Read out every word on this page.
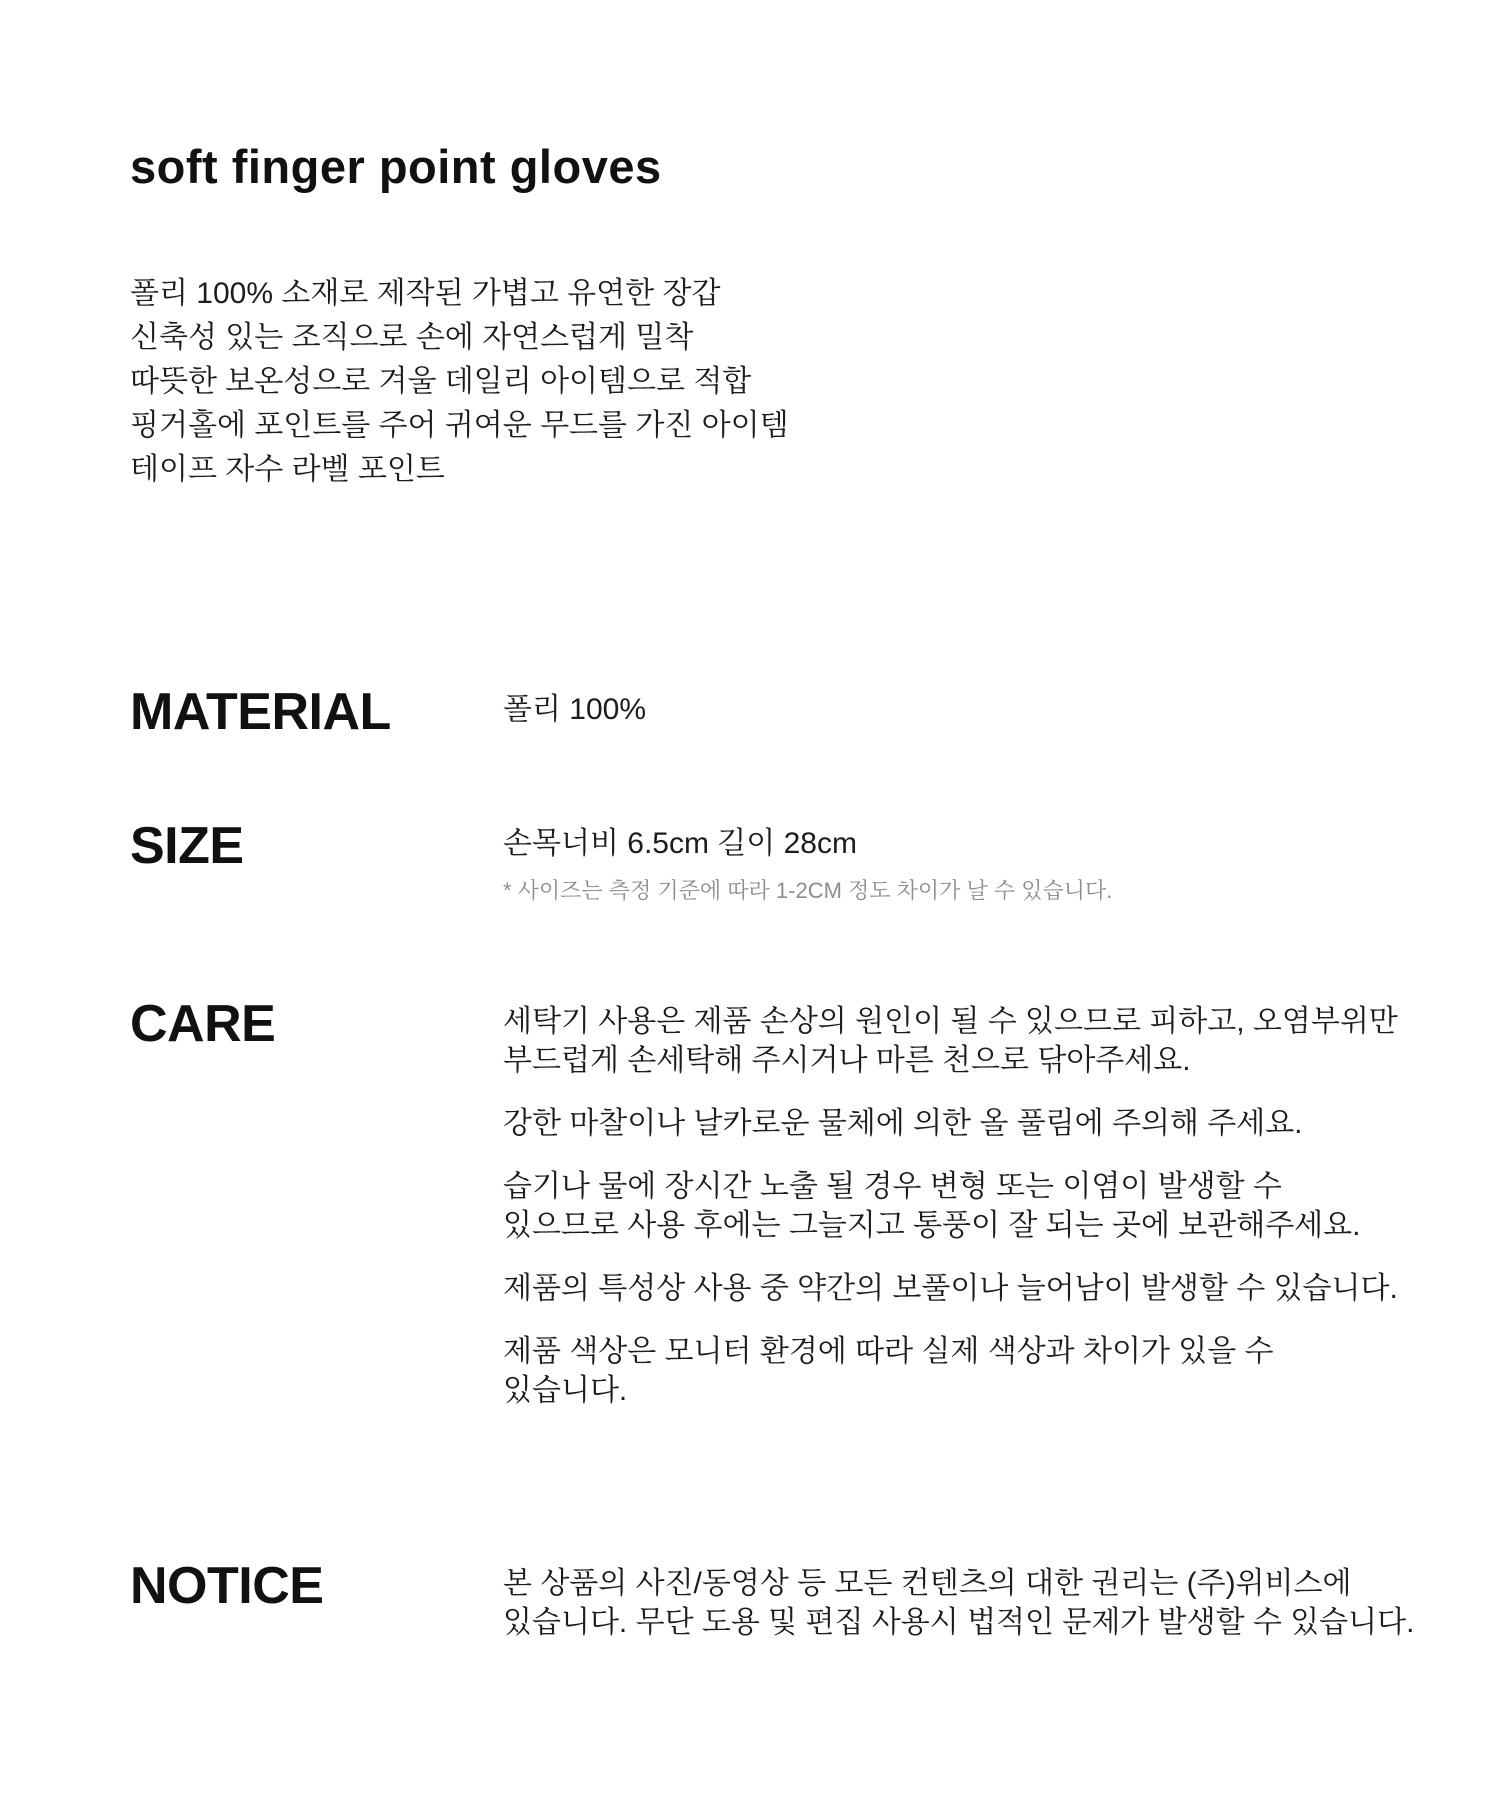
soft finger point gloves
폴리 100% 소재로 제작된 가볍고 유연한 장갑
신축성 있는 조직으로 손에 자연스럽게 밀착
따뜻한 보온성으로 겨울 데일리 아이템으로 적합
핑거홀에 포인트를 주어 귀여운 무드를 가진 아이템
테이프 자수 라벨 포인트
MATERIAL	폴리 100%
SIZE	손목너비 6.5cm 길이 28cm
* 사이즈는 측정 기준에 따라 1-2CM 정도 차이가 날 수 있습니다.
CARE	세탁기 사용은 제품 손상의 원인이 될 수 있으므로 피하고, 오염부위만
부드럽게 손세탁해 주시거나 마른 천으로 닦아주세요.
강한 마찰이나 날카로운 물체에 의한 올 풀림에 주의해 주세요.
습기나 물에 장시간 노출 될 경우 변형 또는 이염이 발생할 수
있으므로 사용 후에는 그늘지고 통풍이 잘 되는 곳에 보관해주세요.
제품의 특성상 사용 중 약간의 보풀이나 늘어남이 발생할 수 있습니다.
제품 색상은 모니터 환경에 따라 실제 색상과 차이가 있을 수
있습니다.
NOTICE	본 상품의 사진/동영상 등 모든 컨텐츠의 대한 권리는 (주)위비스에
있습니다. 무단 도용 및 편집 사용시 법적인 문제가 발생할 수 있습니다.
